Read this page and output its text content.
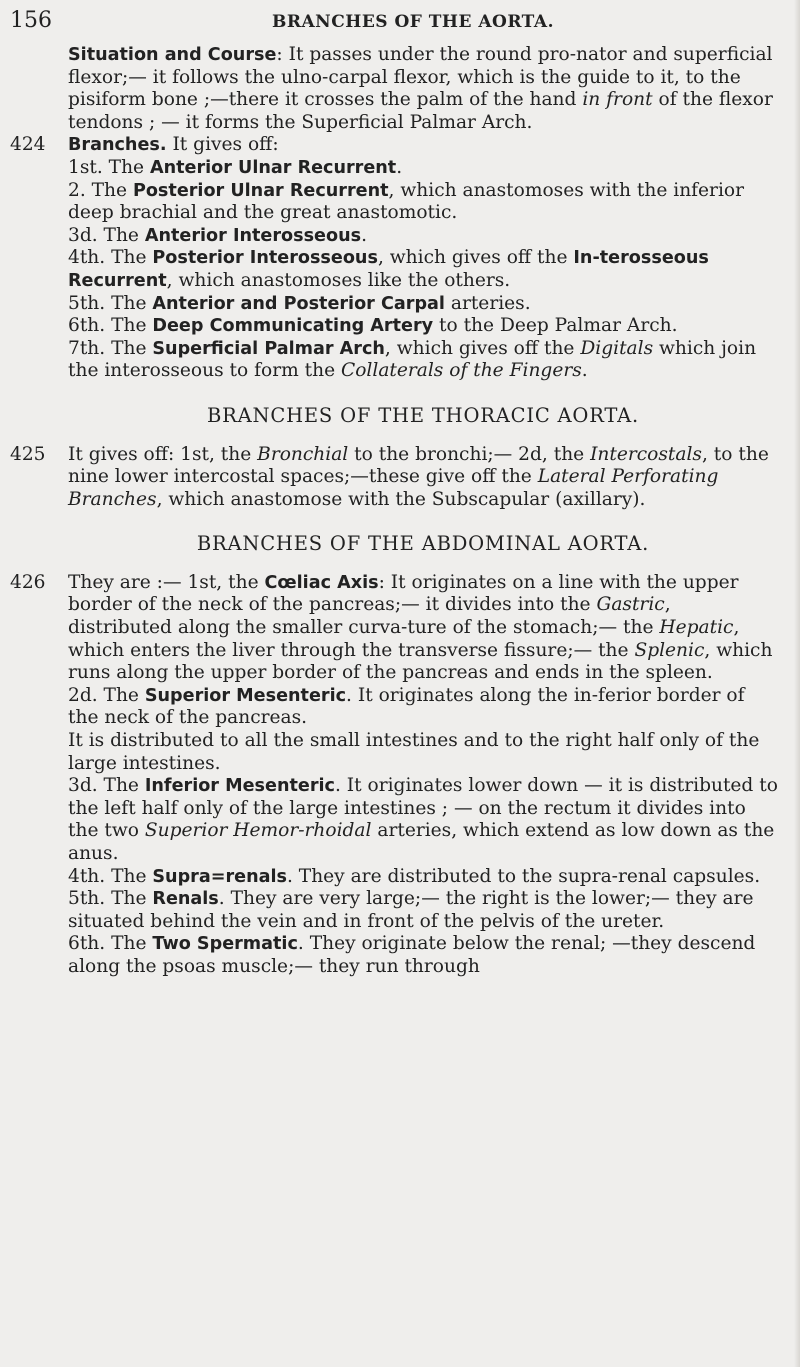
156	BRANCHES OF THE AORTA.

Situation and Course: It passes under the round pro-nator and superficial flexor;— it follows the ulno-carpal flexor, which is the guide to it, to the pisiform bone ;—there it crosses the palm of the hand in front of the flexor tendons ; — it forms the Superficial Palmar Arch.

424 Branches. It gives off:

1st. The Anterior Ulnar Recurrent.

2. The Posterior Ulnar Recurrent, which anastomoses with the inferior deep brachial and the great anastomotic.

3d. The Anterior Interosseous.

4th. The Posterior Interosseous, which gives off the In-terosseous Recurrent, which anastomoses like the others.

5th. The Anterior and Posterior Carpal arteries.

6th. The Deep Communicating Artery to the Deep Palmar Arch.

7th. The Superficial Palmar Arch, which gives off the Digitals which join the interosseous to form the Collaterals of the Fingers.

BRANCHES OF THE THORACIC AORTA.

425 It gives off: 1st, the Bronchial to the bronchi;— 2d, the Intercostals, to the nine lower intercostal spaces;—these give off the Lateral Perforating Branches, which anastomose with the Subscapular (axillary).

BRANCHES OF THE ABDOMINAL AORTA.

426 They are :— 1st, the Cœliac Axis: It originates on a line with the upper border of the neck of the pancreas;— it divides into the Gastric, distributed along the smaller curva-ture of the stomach;— the Hepatic, which enters the liver through the transverse fissure;— the Splenic, which runs along the upper border of the pancreas and ends in the spleen.

2d. The Superior Mesenteric. It originates along the in-ferior border of the neck of the pancreas.

It is distributed to all the small intestines and to the right half only of the large intestines.

3d. The Inferior Mesenteric. It originates lower down — it is distributed to the left half only of the large intestines ; — on the rectum it divides into the two Superior Hemor-rhoidal arteries, which extend as low down as the anus.

4th. The Supra=renals. They are distributed to the supra-renal capsules.

5th. The Renals. They are very large;— the right is the lower;— they are situated behind the vein and in front of the pelvis of the ureter.

6th. The Two Spermatic. They originate below the renal; —they descend along the psoas muscle;— they run through
